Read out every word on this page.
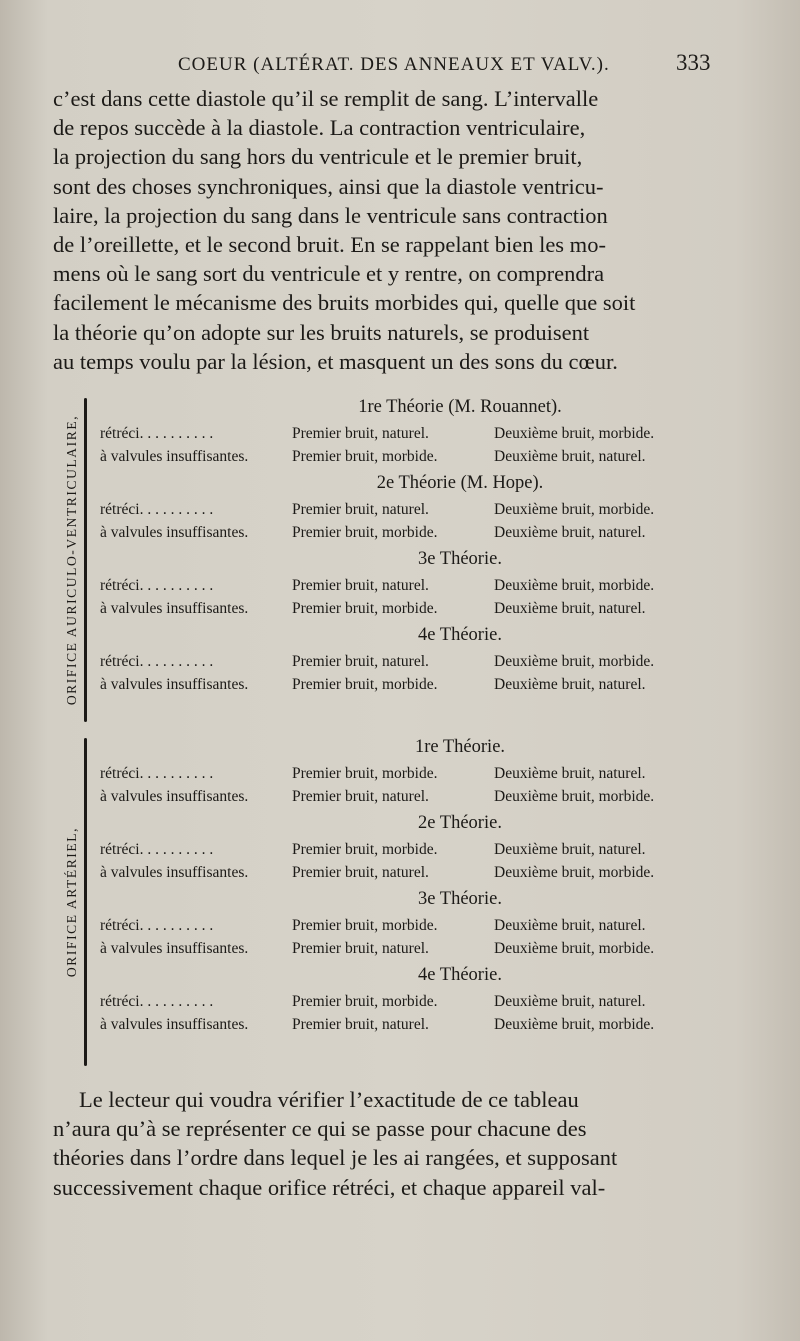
COEUR (ALTÉRAT. DES ANNEAUX ET VALV.).	333
c’est dans cette diastole qu’il se remplit de sang. L’intervalle
de repos succède à la diastole. La contraction ventriculaire,
la projection du sang hors du ventricule et le premier bruit,
sont des choses synchroniques, ainsi que la diastole ventricu-
laire, la projection du sang dans le ventricule sans contraction
de l’oreillette, et le second bruit. En se rappelant bien les mo-
mens où le sang sort du ventricule et y rentre, on comprendra
facilement le mécanisme des bruits morbides qui, quelle que soit
la théorie qu’on adopte sur les bruits naturels, se produisent
au temps voulu par la lésion, et masquent un des sons du cœur.
ORIFICE AURICULO-VENTRICULAIRE,
1re Théorie (M. Rouannet).
rétréci. . . . . . . . . .	Premier bruit, naturel.	Deuxième bruit, morbide.
à valvules insuffisantes.	Premier bruit, morbide.	Deuxième bruit, naturel.
2e Théorie (M. Hope).
rétréci. . . . . . . . . .	Premier bruit, naturel.	Deuxième bruit, morbide.
à valvules insuffisantes.	Premier bruit, morbide.	Deuxième bruit, naturel.
3e Théorie.
rétréci. . . . . . . . . .	Premier bruit, naturel.	Deuxième bruit, morbide.
à valvules insuffisantes.	Premier bruit, morbide.	Deuxième bruit, naturel.
4e Théorie.
rétréci. . . . . . . . . .	Premier bruit, naturel.	Deuxième bruit, morbide.
à valvules insuffisantes.	Premier bruit, morbide.	Deuxième bruit, naturel.
ORIFICE ARTÉRIEL,
1re Théorie.
rétréci. . . . . . . . . .	Premier bruit, morbide.	Deuxième bruit, naturel.
à valvules insuffisantes.	Premier bruit, naturel.	Deuxième bruit, morbide.
2e Théorie.
rétréci. . . . . . . . . .	Premier bruit, morbide.	Deuxième bruit, naturel.
à valvules insuffisantes.	Premier bruit, naturel.	Deuxième bruit, morbide.
3e Théorie.
rétréci. . . . . . . . . .	Premier bruit, morbide.	Deuxième bruit, naturel.
à valvules insuffisantes.	Premier bruit, naturel.	Deuxième bruit, morbide.
4e Théorie.
rétréci. . . . . . . . . .	Premier bruit, morbide.	Deuxième bruit, naturel.
à valvules insuffisantes.	Premier bruit, naturel.	Deuxième bruit, morbide.
Le lecteur qui voudra vérifier l’exactitude de ce tableau
n’aura qu’à se représenter ce qui se passe pour chacune des
théories dans l’ordre dans lequel je les ai rangées, et supposant
successivement chaque orifice rétréci, et chaque appareil val-
